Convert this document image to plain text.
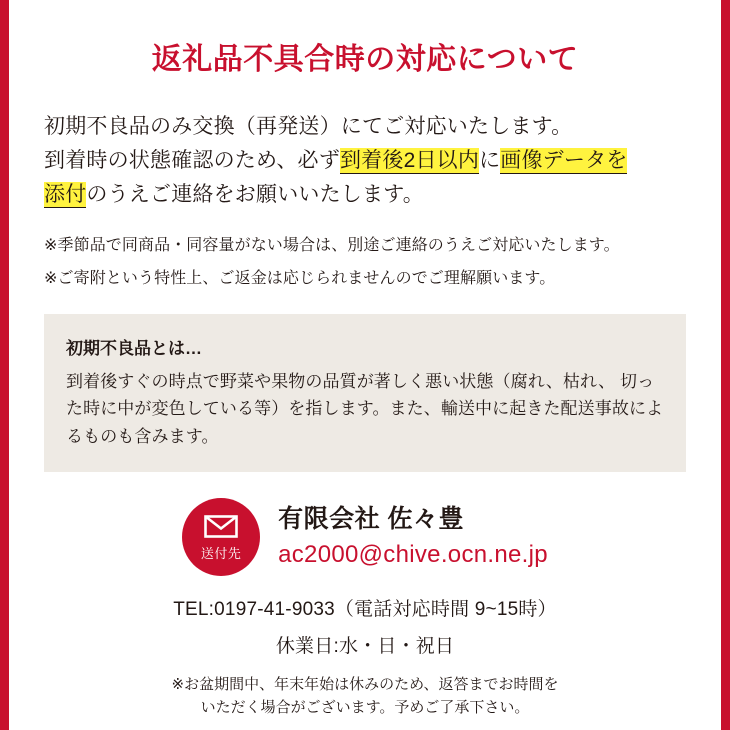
返礼品不具合時の対応について
初期不良品のみ交換（再発送）にてご対応いたします。
到着時の状態確認のため、必ず到着後2日以内に画像データを
添付のうえご連絡をお願いいたします。
※季節品で同商品・同容量がない場合は、別途ご連絡のうえご対応いたします。
※ご寄附という特性上、ご返金は応じられませんのでご理解願います。
初期不良品とは…
到着後すぐの時点で野菜や果物の品質が著しく悪い状態（腐れ、枯れ、 切った時に中が変色している等）を指します。また、輸送中に起きた配送事故によるものも含みます。
送付先
有限会社 佐々豊
ac2000@chive.ocn.ne.jp
TEL:0197-41-9033（電話対応時間 9~15時）
休業日:水・日・祝日
※お盆期間中、年末年始は休みのため、返答までお時間を
いただく場合がございます。予めご了承下さい。
